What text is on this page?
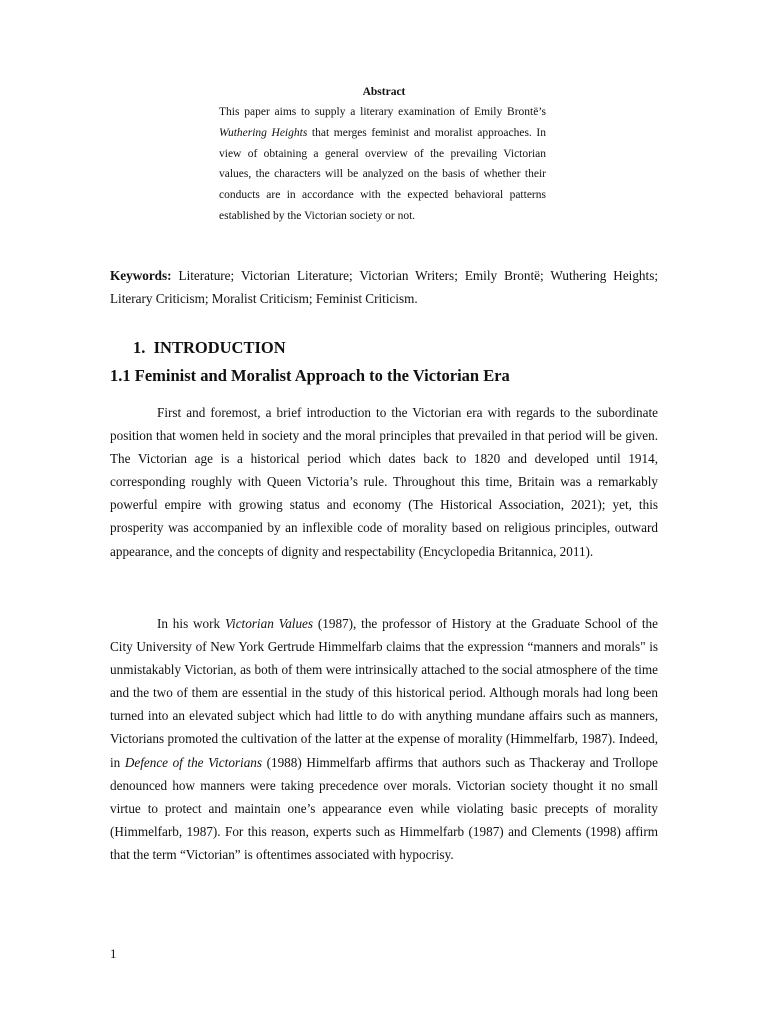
Abstract
This paper aims to supply a literary examination of Emily Brontë’s Wuthering Heights that merges feminist and moralist approaches. In view of obtaining a general overview of the prevailing Victorian values, the characters will be analyzed on the basis of whether their conducts are in accordance with the expected behavioral patterns established by the Victorian society or not.
Keywords: Literature; Victorian Literature; Victorian Writers; Emily Brontë; Wuthering Heights; Literary Criticism; Moralist Criticism; Feminist Criticism.
1.  INTRODUCTION
1.1 Feminist and Moralist Approach to the Victorian Era

First and foremost, a brief introduction to the Victorian era with regards to the subordinate position that women held in society and the moral principles that prevailed in that period will be given. The Victorian age is a historical period which dates back to 1820 and developed until 1914, corresponding roughly with Queen Victoria’s rule. Throughout this time, Britain was a remarkably powerful empire with growing status and economy (The Historical Association, 2021); yet, this prosperity was accompanied by an inflexible code of morality based on religious principles, outward appearance, and the concepts of dignity and respectability (Encyclopedia Britannica, 2011).

In his work Victorian Values (1987), the professor of History at the Graduate School of the City University of New York Gertrude Himmelfarb claims that the expression “manners and morals" is unmistakably Victorian, as both of them were intrinsically attached to the social atmosphere of the time and the two of them are essential in the study of this historical period. Although morals had long been turned into an elevated subject which had little to do with anything mundane affairs such as manners, Victorians promoted the cultivation of the latter at the expense of morality (Himmelfarb, 1987). Indeed, in Defence of the Victorians (1988) Himmelfarb affirms that authors such as Thackeray and Trollope denounced how manners were taking precedence over morals. Victorian society thought it no small virtue to protect and maintain one’s appearance even while violating basic precepts of morality (Himmelfarb, 1987). For this reason, experts such as Himmelfarb (1987) and Clements (1998) affirm that the term “Victorian” is oftentimes associated with hypocrisy.

1
